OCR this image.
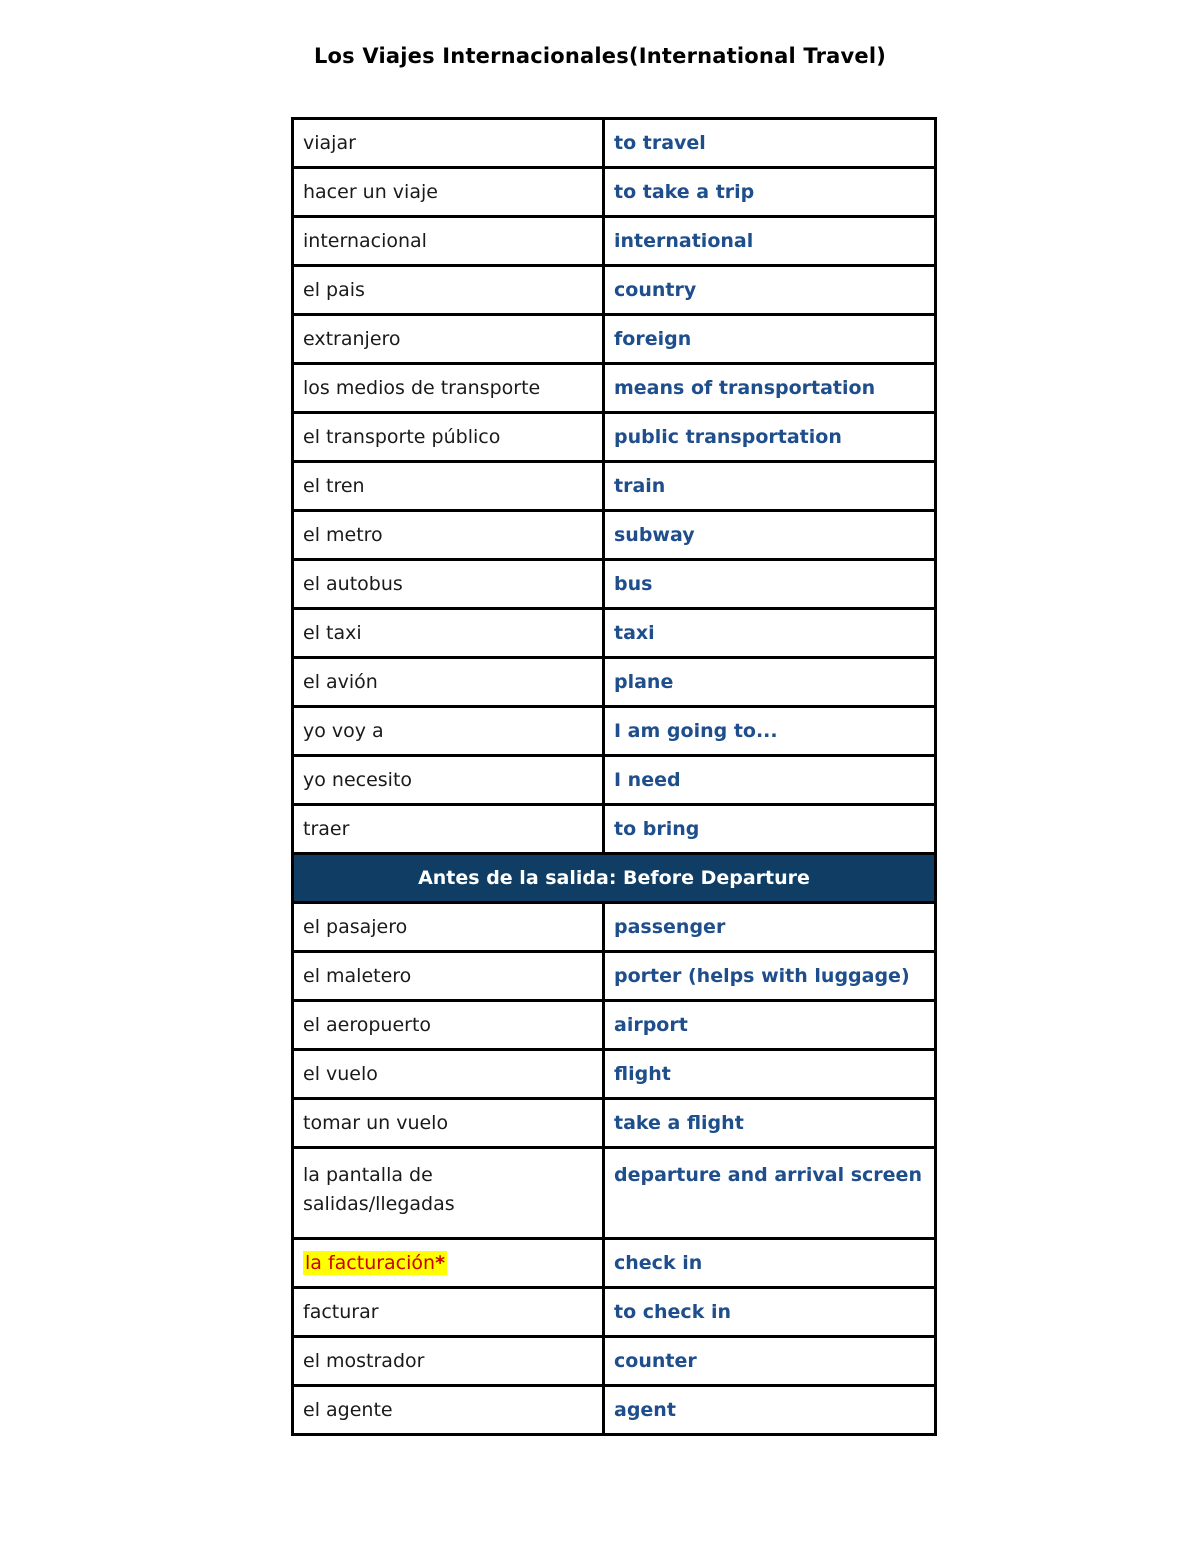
Los Viajes Internacionales(International Travel)
viajar	to travel
hacer un viaje	to take a trip
internacional	international
el pais	country
extranjero	foreign
los medios de transporte	means of transportation
el transporte público	public transportation
el tren	train
el metro	subway
el autobus	bus
el taxi	taxi
el avión	plane
yo voy a	I am going to...
yo necesito	I need
traer	to bring
Antes de la salida: Before Departure	
el pasajero	passenger
el maletero	porter (helps with luggage)
el aeropuerto	airport
el vuelo	flight
tomar un vuelo	take a flight

la pantalla de
salidas/llegadas	departure and arrival screen
la facturación*	check in
facturar	to check in
el mostrador	counter
el agente	agent
